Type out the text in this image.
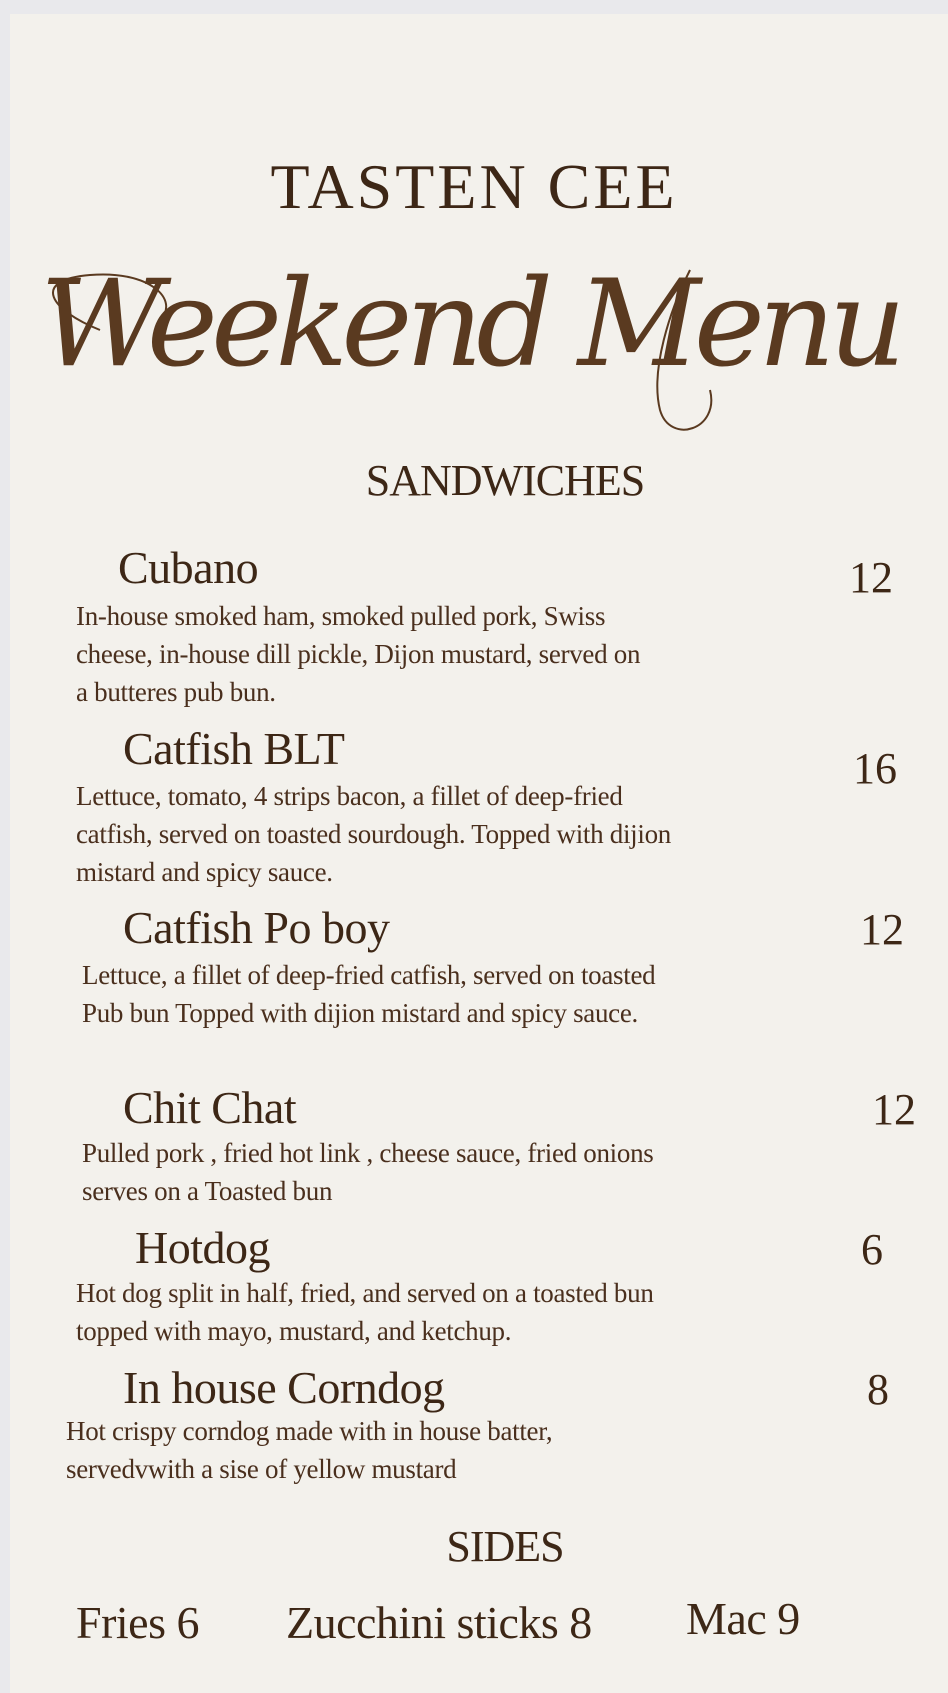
TASTEN CEE
Weekend Menu
SANDWICHES
Cubano	12
In-house smoked ham, smoked pulled pork, Swiss cheese, in-house dill pickle, Dijon mustard, served on a butteres pub bun.
Catfish BLT	16
Lettuce, tomato, 4 strips bacon, a fillet of deep-fried catfish, served on toasted sourdough. Topped with dijion mistard and spicy sauce.
Catfish Po boy	12
Lettuce, a fillet of deep-fried catfish, served on toasted Pub bun Topped with dijion mistard and spicy sauce.
Chit Chat	12
Pulled pork , fried hot link , cheese sauce, fried onions serves on a Toasted bun
Hotdog	6
Hot dog split in half, fried, and served on a toasted bun topped with mayo, mustard, and ketchup.
In house Corndog	8
Hot crispy corndog made with in house batter, servedvwith a sise of yellow mustard
SIDES
Fries 6 Zucchini sticks 8 Mac 9
